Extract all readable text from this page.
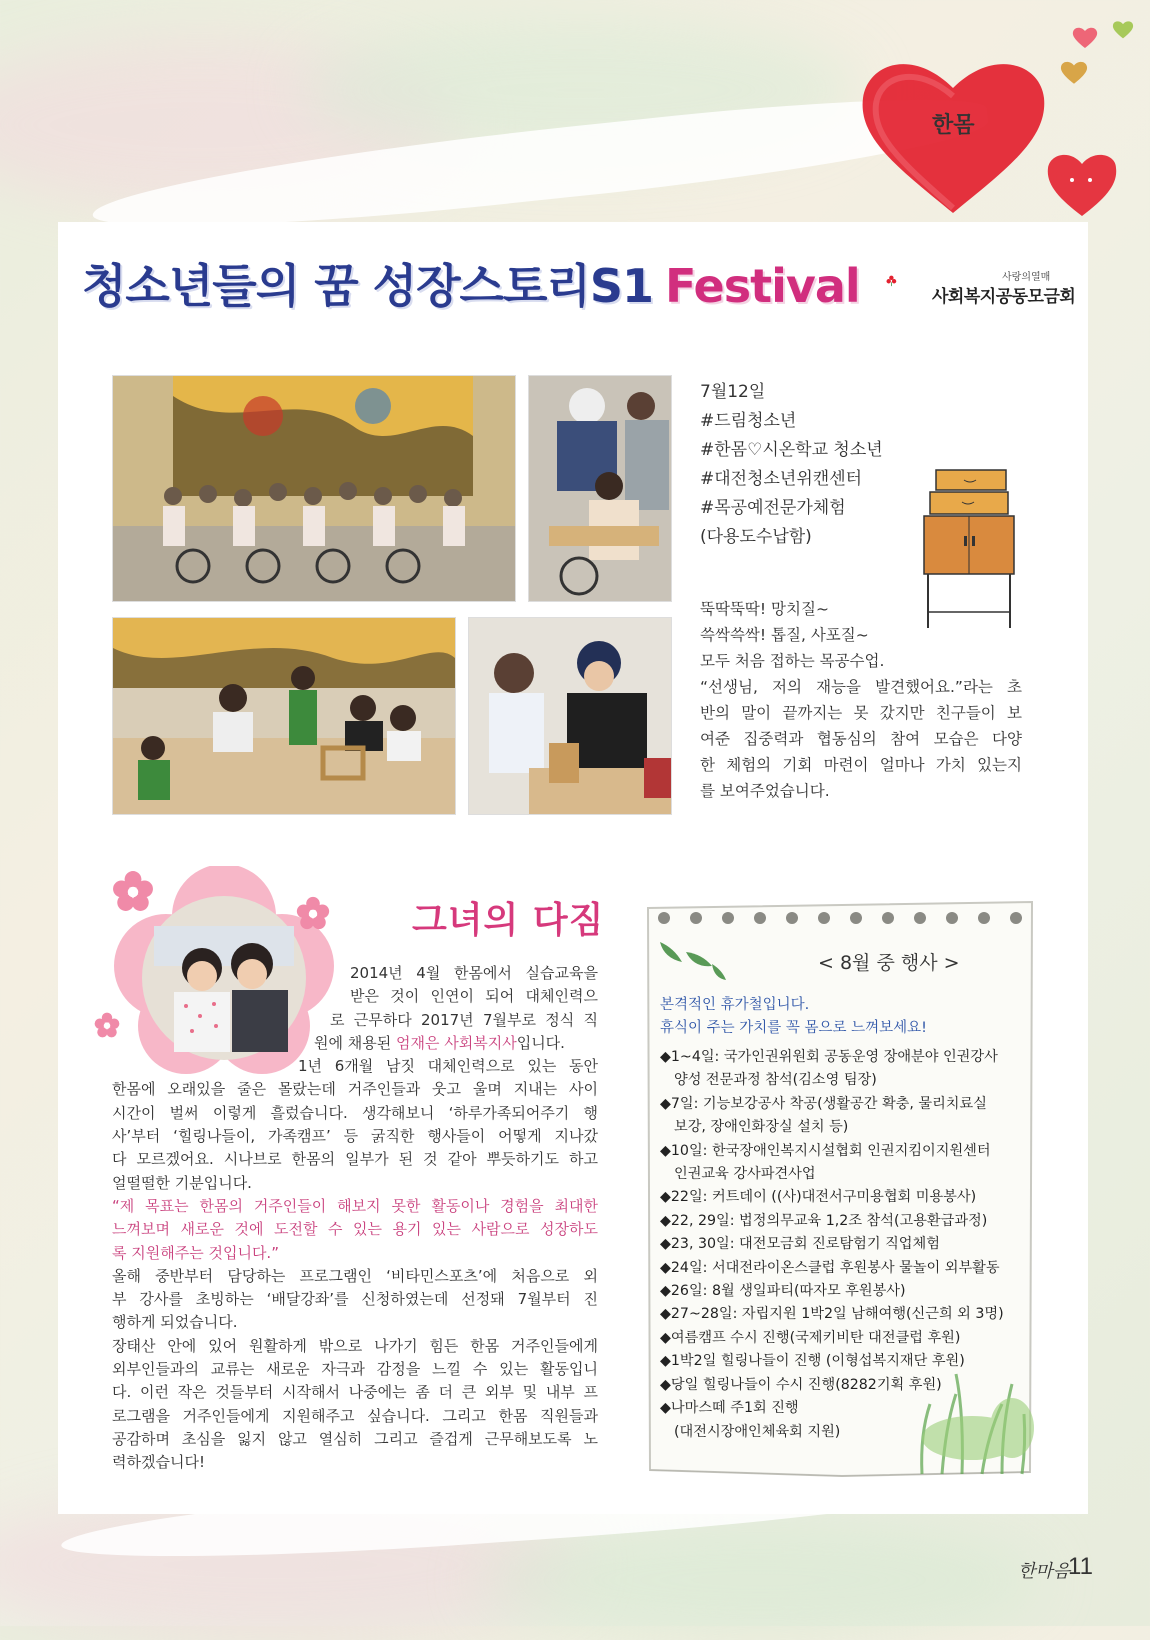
한몸
청소년들의 꿈 성장스토리S1 Festival	사랑의열매
사회복지공동모금회
7월12일
#드림청소년
#한몸♡시온학교 청소년
#대전청소년위캔센터
#목공예전문가체험
(다용도수납함)
뚝딱뚝딱! 망치질~
쓱싹쓱싹! 톱질, 사포질~
모두 처음 접하는 목공수업.
“선생님, 저의 재능을 발견했어요.”라는 초
반의 말이 끝까지는 못 갔지만 친구들이 보
여준 집중력과 협동심의 참여 모습은 다양
한 체험의 기회 마련이 얼마나 가치 있는지
를 보여주었습니다.
그녀의 다짐
2014년 4월 한몸에서 실습교육을
받은 것이 인연이 되어 대체인력으
로 근무하다 2017년 7월부로 정식 직
원에 채용된 엄재은 사회복지사입니다.
1년 6개월 남짓 대체인력으로 있는 동안
한몸에 오래있을 줄은 몰랐는데 거주인들과 웃고 울며 지내는 사이
시간이 벌써 이렇게 흘렀습니다. 생각해보니 ‘하루가족되어주기 행
사’부터 ‘힐링나들이, 가족캠프’ 등 굵직한 행사들이 어떻게 지나갔
다 모르겠어요. 시나브로 한몸의 일부가 된 것 같아 뿌듯하기도 하고
얼떨떨한 기분입니다.
“제 목표는 한몸의 거주인들이 해보지 못한 활동이나 경험을 최대한
느껴보며 새로운 것에 도전할 수 있는 용기 있는 사람으로 성장하도
록 지원해주는 것입니다.”
올해 중반부터 담당하는 프로그램인 ‘비타민스포츠’에 처음으로 외
부 강사를 초빙하는 ‘배달강좌’를 신청하였는데 선정돼 7월부터 진
행하게 되었습니다.
장태산 안에 있어 원활하게 밖으로 나가기 힘든 한몸 거주인들에게
외부인들과의 교류는 새로운 자극과 감정을 느낄 수 있는 활동입니
다. 이런 작은 것들부터 시작해서 나중에는 좀 더 큰 외부 및 내부 프
로그램을 거주인들에게 지원해주고 싶습니다. 그리고 한몸 직원들과
공감하며 초심을 잃지 않고 열심히 그리고 즐겁게 근무해보도록 노
력하겠습니다!
< 8월 중 행사 >
본격적인 휴가철입니다.
휴식이 주는 가치를 꼭 몸으로 느껴보세요!
◆1~4일: 국가인권위원회 공동운영 장애분야 인권강사
양성 전문과정 참석(김소영 팀장)
◆7일: 기능보강공사 착공(생활공간 확충, 물리치료실
보강, 장애인화장실 설치 등)
◆10일: 한국장애인복지시설협회 인권지킴이지원센터
인권교육 강사파견사업
◆22일: 커트데이 ((사)대전서구미용협회 미용봉사)
◆22, 29일: 법정의무교육 1,2조 참석(고용환급과정)
◆23, 30일: 대전모금회 진로탐험기 직업체험
◆24일: 서대전라이온스클럽 후원봉사 물놀이 외부활동
◆26일: 8월 생일파티(따자모 후원봉사)
◆27~28일: 자립지원 1박2일 남해여행(신근희 외 3명)
◆여름캠프 수시 진행(국제키비탄 대전클럽 후원)
◆1박2일 힐링나들이 진행 (이형섭복지재단 후원)
◆당일 힐링나들이 수시 진행(8282기획 후원)
◆나마스떼 주1회 진행
(대전시장애인체육회 지원)
한마음
11
